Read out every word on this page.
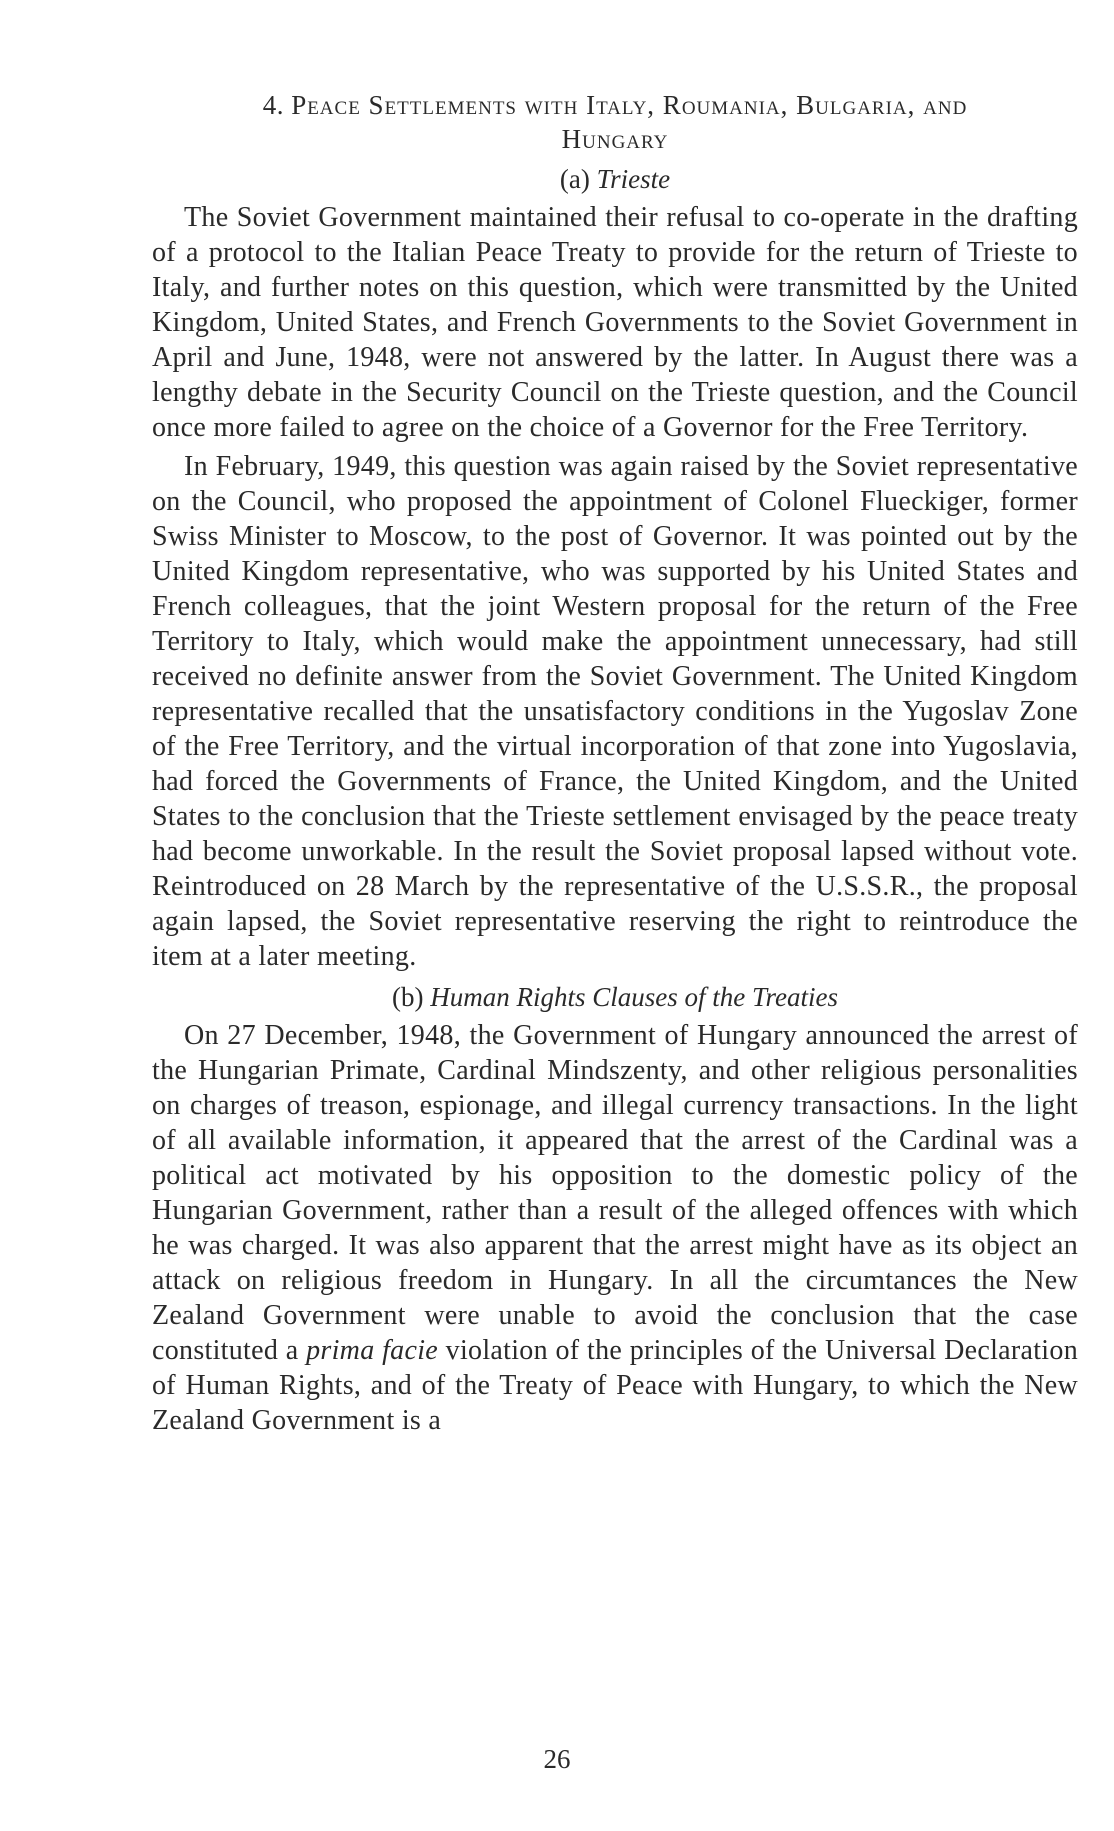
4. Peace Settlements with Italy, Roumania, Bulgaria, and
Hungary
(a) Trieste

The Soviet Government maintained their refusal to co-operate in the drafting of a protocol to the Italian Peace Treaty to provide for the return of Trieste to Italy, and further notes on this question, which were transmitted by the United Kingdom, United States, and French Governments to the Soviet Government in April and June, 1948, were not answered by the latter. In August there was a lengthy debate in the Security Council on the Trieste question, and the Council once more failed to agree on the choice of a Governor for the Free Territory.

In February, 1949, this question was again raised by the Soviet representative on the Council, who proposed the appointment of Colonel Flueckiger, former Swiss Minister to Moscow, to the post of Governor. It was pointed out by the United Kingdom representative, who was supported by his United States and French colleagues, that the joint Western proposal for the return of the Free Territory to Italy, which would make the appointment unnecessary, had still received no definite answer from the Soviet Government. The United Kingdom representative recalled that the unsatisfactory conditions in the Yugoslav Zone of the Free Territory, and the virtual incorporation of that zone into Yugoslavia, had forced the Governments of France, the United Kingdom, and the United States to the conclusion that the Trieste settlement envisaged by the peace treaty had become unworkable. In the result the Soviet proposal lapsed without vote. Reintroduced on 28 March by the representative of the U.S.S.R., the proposal again lapsed, the Soviet representative reserving the right to reintroduce the item at a later meeting.

(b) Human Rights Clauses of the Treaties

On 27 December, 1948, the Government of Hungary announced the arrest of the Hungarian Primate, Cardinal Mindszenty, and other religious personalities on charges of treason, espionage, and illegal currency transactions. In the light of all available information, it appeared that the arrest of the Cardinal was a political act motivated by his opposition to the domestic policy of the Hungarian Government, rather than a result of the alleged offences with which he was charged. It was also apparent that the arrest might have as its object an attack on religious freedom in Hungary. In all the circumtances the New Zealand Government were unable to avoid the conclusion that the case constituted a prima facie violation of the principles of the Universal Declaration of Human Rights, and of the Treaty of Peace with Hungary, to which the New Zealand Government is a

26
